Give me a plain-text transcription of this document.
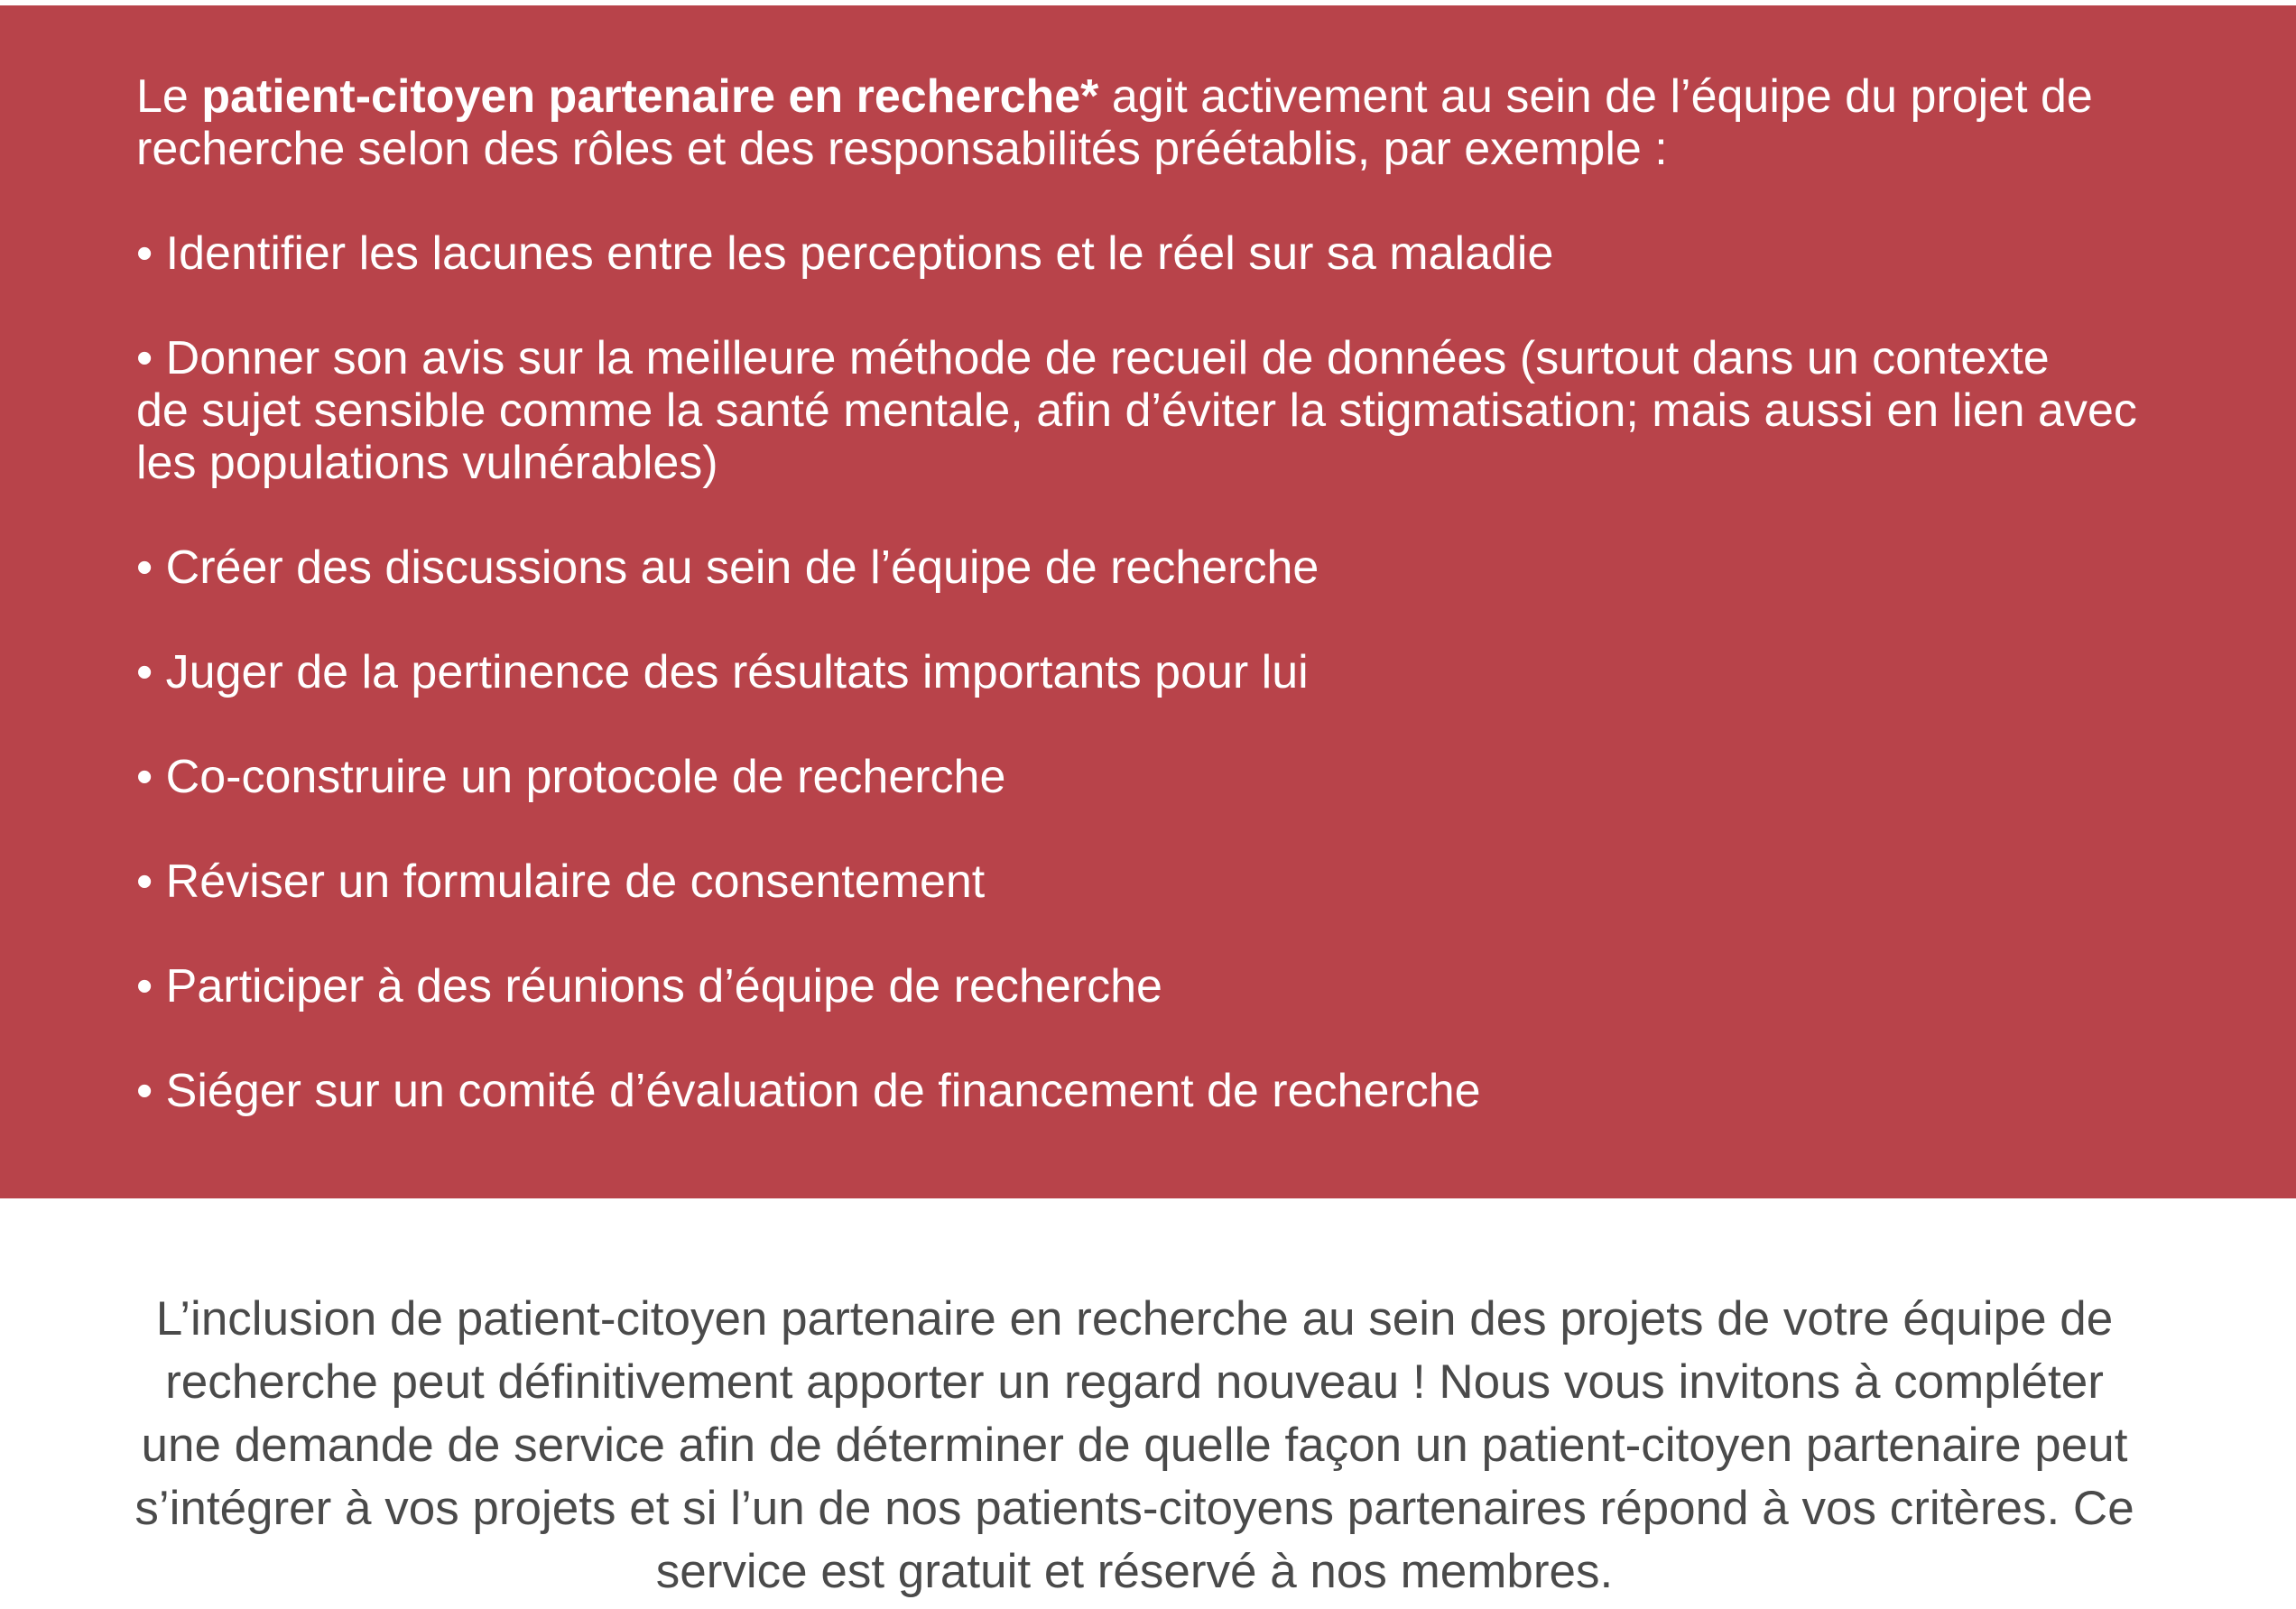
Le patient-citoyen partenaire en recherche* agit activement au sein de l’équipe du projet de
recherche selon des rôles et des responsabilités préétablis, par exemple :
• Identifier les lacunes entre les perceptions et le réel sur sa maladie
• Donner son avis sur la meilleure méthode de recueil de données (surtout dans un contexte
de sujet sensible comme la santé mentale, afin d’éviter la stigmatisation; mais aussi en lien avec
les populations vulnérables)
• Créer des discussions au sein de l’équipe de recherche
• Juger de la pertinence des résultats importants pour lui
• Co-construire un protocole de recherche
• Réviser un formulaire de consentement
• Participer à des réunions d’équipe de recherche
• Siéger sur un comité d’évaluation de financement de recherche
L’inclusion de patient-citoyen partenaire en recherche au sein des projets de votre équipe de
recherche peut définitivement apporter un regard nouveau ! Nous vous invitons à compléter
une demande de service afin de déterminer de quelle façon un patient-citoyen partenaire peut
s’intégrer à vos projets et si l’un de nos patients-citoyens partenaires répond à vos critères. Ce
service est gratuit et réservé à nos membres.
